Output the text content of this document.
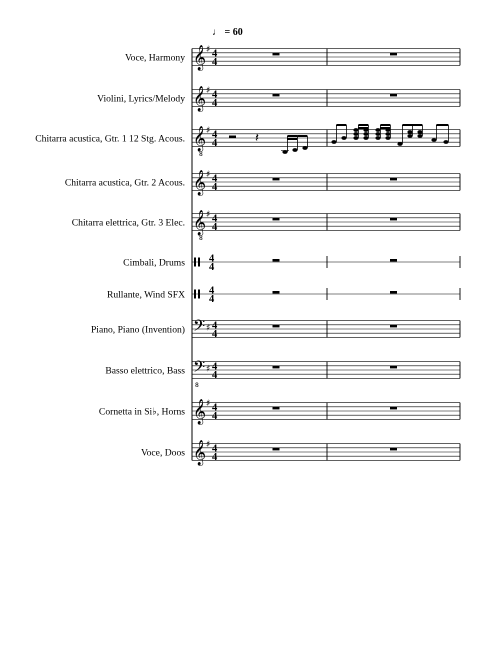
♩ = 60
Voce, Harmony 𝄞 ♯ 4
4
Violini, Lyrics/Melody 𝄞 ♯ 4
4
Chitarra acustica, Gtr. 1 12 Stg. Acous. 𝄞
8
♯ 4
4	𝄽
Chitarra acustica, Gtr. 2 Acous. 𝄞 ♯ 4
4
Chitarra elettrica, Gtr. 3 Elec. 𝄞
8
♯ 4
4
Cimbali, Drums 4
4
Rullante, Wind SFX 4
4
Piano, Piano (Invention) 𝄢 ♯ 4
4
Basso elettrico, Bass 𝄢
8
♯ 4
4
Cornetta in Si♭, Horns 𝄞 ♯ 4
4
Voce, Doos 𝄞 ♯ 4
4
